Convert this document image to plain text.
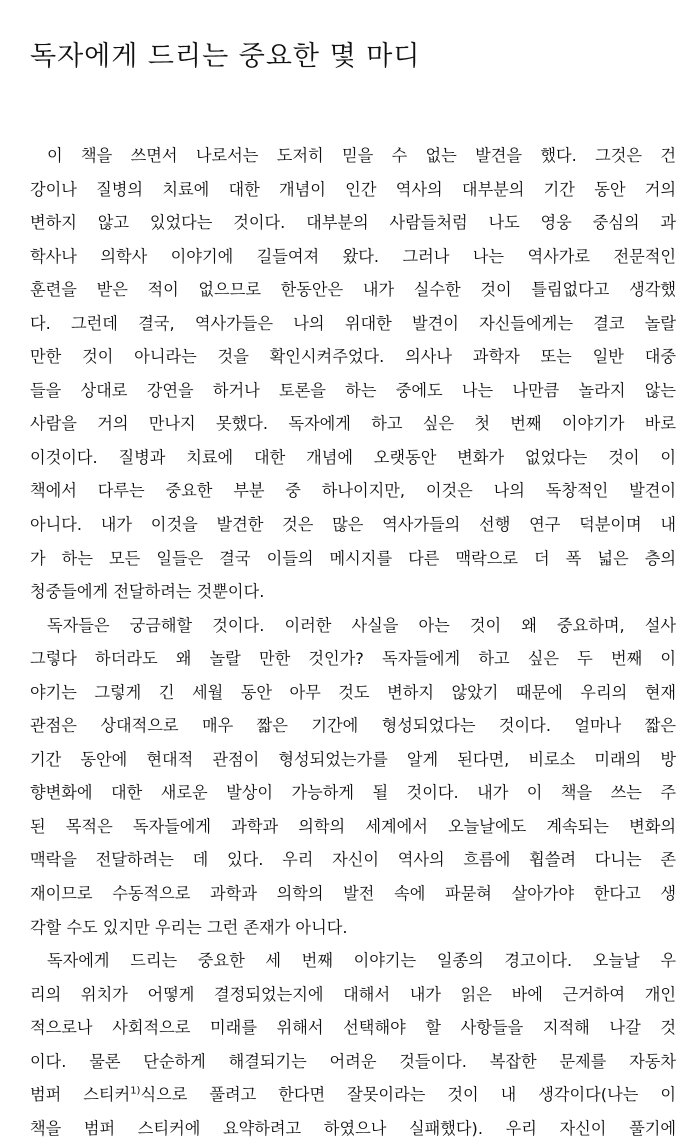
독자에게 드리는 중요한 몇 마디
이 책을 쓰면서 나로서는 도저히 믿을 수 없는 발견을 했다. 그것은 건
강이나 질병의 치료에 대한 개념이 인간 역사의 대부분의 기간 동안 거의
변하지 않고 있었다는 것이다. 대부분의 사람들처럼 나도 영웅 중심의 과
학사나 의학사 이야기에 길들여져 왔다. 그러나 나는 역사가로 전문적인
훈련을 받은 적이 없으므로 한동안은 내가 실수한 것이 틀림없다고 생각했
다. 그런데 결국, 역사가들은 나의 위대한 발견이 자신들에게는 결코 놀랄
만한 것이 아니라는 것을 확인시켜주었다. 의사나 과학자 또는 일반 대중
들을 상대로 강연을 하거나 토론을 하는 중에도 나는 나만큼 놀라지 않는
사람을 거의 만나지 못했다. 독자에게 하고 싶은 첫 번째 이야기가 바로
이것이다. 질병과 치료에 대한 개념에 오랫동안 변화가 없었다는 것이 이
책에서 다루는 중요한 부분 중 하나이지만, 이것은 나의 독창적인 발견이
아니다. 내가 이것을 발견한 것은 많은 역사가들의 선행 연구 덕분이며 내
가 하는 모든 일들은 결국 이들의 메시지를 다른 맥락으로 더 폭 넓은 층의
청중들에게 전달하려는 것뿐이다.
독자들은 궁금해할 것이다. 이러한 사실을 아는 것이 왜 중요하며, 설사
그렇다 하더라도 왜 놀랄 만한 것인가? 독자들에게 하고 싶은 두 번째 이
야기는 그렇게 긴 세월 동안 아무 것도 변하지 않았기 때문에 우리의 현재
관점은 상대적으로 매우 짧은 기간에 형성되었다는 것이다. 얼마나 짧은
기간 동안에 현대적 관점이 형성되었는가를 알게 된다면, 비로소 미래의 방
향변화에 대한 새로운 발상이 가능하게 될 것이다. 내가 이 책을 쓰는 주
된 목적은 독자들에게 과학과 의학의 세계에서 오늘날에도 계속되는 변화의
맥락을 전달하려는 데 있다. 우리 자신이 역사의 흐름에 휩쓸려 다니는 존
재이므로 수동적으로 과학과 의학의 발전 속에 파묻혀 살아가야 한다고 생
각할 수도 있지만 우리는 그런 존재가 아니다.
독자에게 드리는 중요한 세 번째 이야기는 일종의 경고이다. 오늘날 우
리의 위치가 어떻게 결정되었는지에 대해서 내가 읽은 바에 근거하여 개인
적으로나 사회적으로 미래를 위해서 선택해야 할 사항들을 지적해 나갈 것
이다. 물론 단순하게 해결되기는 어려운 것들이다. 복잡한 문제를 자동차
범퍼 스티커$^{1)}$식으로 풀려고 한다면 잘못이라는 것이 내 생각이다(나는 이
책을 범퍼 스티커에 요약하려고 하였으나 실패했다). 우리 자신이 풀기에
